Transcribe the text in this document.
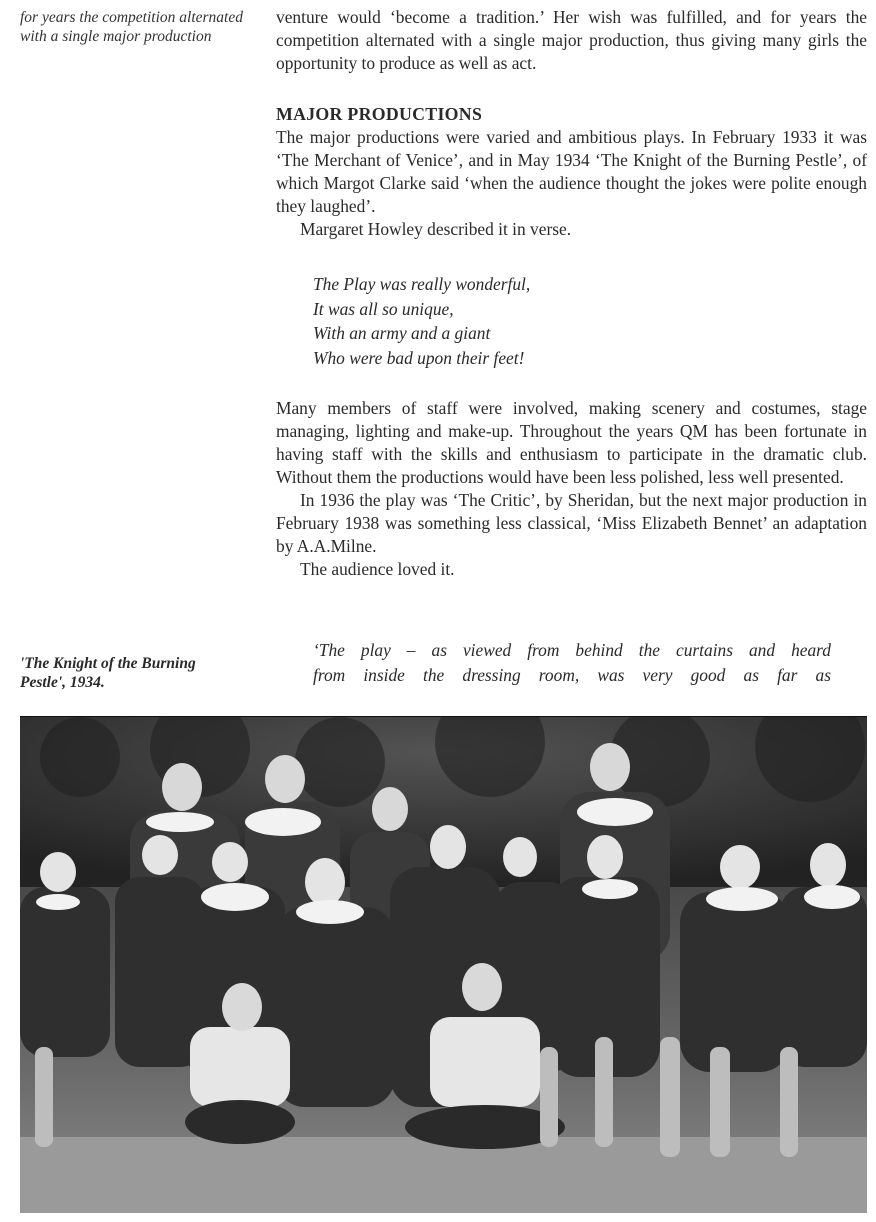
for years the competition alternated with a single major production
'The Knight of the Burning Pestle', 1934.

venture would ‘become a tradition.’ Her wish was fulfilled, and for years the competition alternated with a single major production, thus giving many girls the opportunity to produce as well as act.

MAJOR PRODUCTIONS

The major productions were varied and ambitious plays. In February 1933 it was ‘The Merchant of Venice’, and in May 1934 ‘The Knight of the Burning Pestle’, of which Margot Clarke said ‘when the audience thought the jokes were polite enough they laughed’.

Margaret Howley described it in verse.

The Play was really wonderful,
It was all so unique,
With an army and a giant
Who were bad upon their feet!

Many members of staff were involved, making scenery and costumes, stage managing, lighting and make-up. Throughout the years QM has been fortunate in having staff with the skills and enthusiasm to participate in the dramatic club. Without them the productions would have been less polished, less well presented.

In 1936 the play was ‘The Critic’, by Sheridan, but the next major production in February 1938 was something less classical, ‘Miss Elizabeth Bennet’ an adaptation by A.A.Milne.

The audience loved it.

‘The play – as viewed from behind the curtains and heard
from inside the dressing room, was very good as far as
